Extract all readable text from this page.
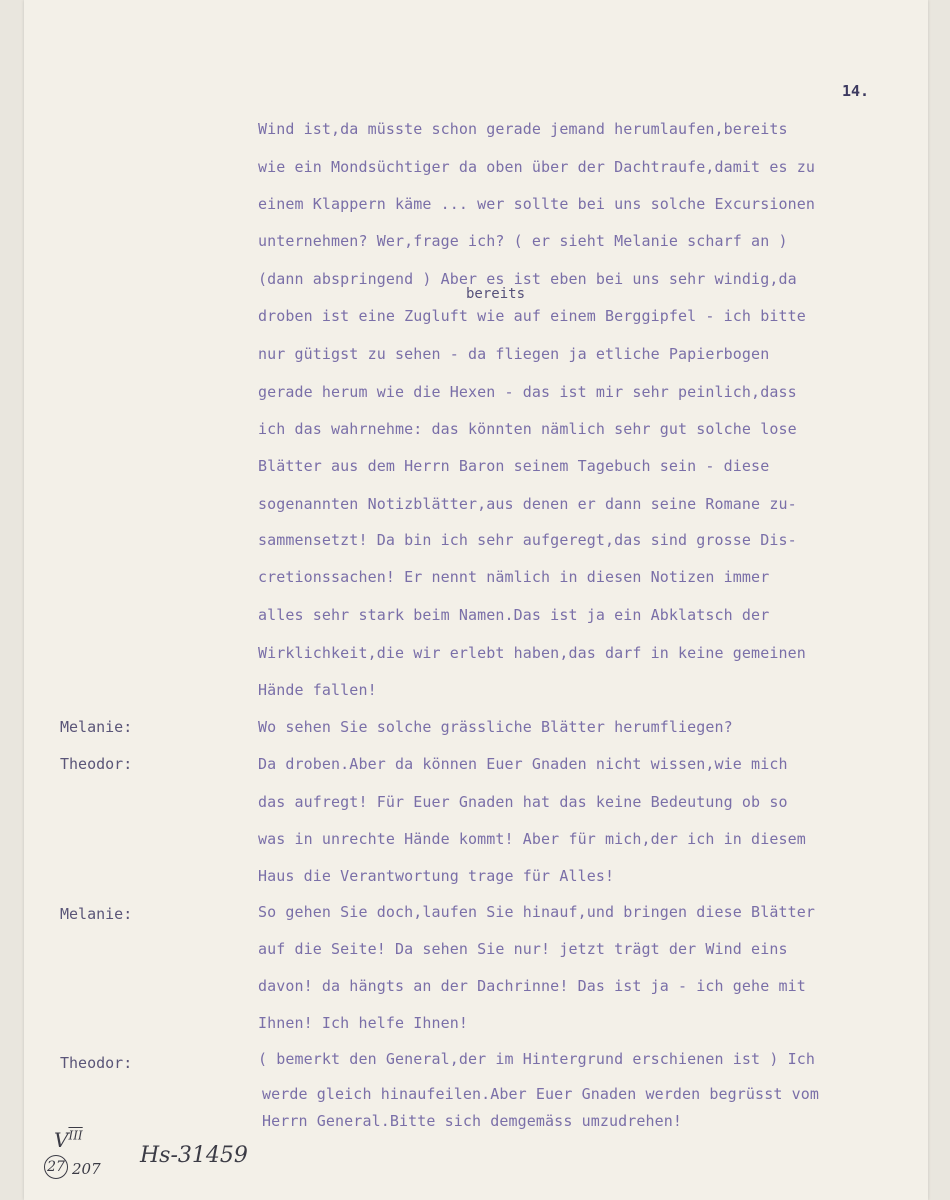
14.
Wind ist,da müsste schon gerade jemand herumlaufen,bereits
wie ein Mondsüchtiger da oben über der Dachtraufe,damit es zu
einem Klappern käme ... wer sollte bei uns solche Excursionen
unternehmen? Wer,frage ich? ( er sieht Melanie scharf an )
(dann abspringend ) Aber es ist eben bei uns sehr windig,da
droben ist eine Zugluft wie auf einem Berggipfel - ich bitte
nur gütigst zu sehen - da fliegen ja etliche Papierbogen
gerade herum wie die Hexen - das ist mir sehr peinlich,dass
ich das wahrnehme: das könnten nämlich sehr gut solche lose
Blätter aus dem Herrn Baron seinem Tagebuch sein - diese
sogenannten Notizblätter,aus denen er dann seine Romane zu-
sammensetzt! Da bin ich sehr aufgeregt,das sind grosse Dis-
cretionssachen! Er nennt nämlich in diesen Notizen immer
alles sehr stark beim Namen.Das ist ja ein Abklatsch der
Wirklichkeit,die wir erlebt haben,das darf in keine gemeinen
Hände fallen!
bereits
Melanie:	Wo sehen Sie solche grässliche Blätter herumfliegen?
Theodor:	Da droben.Aber da können Euer Gnaden nicht wissen,wie mich
das aufregt! Für Euer Gnaden hat das keine Bedeutung ob so
was in unrechte Hände kommt! Aber für mich,der ich in diesem
Haus die Verantwortung trage für Alles!
Melanie:	So gehen Sie doch,laufen Sie hinauf,und bringen diese Blätter
auf die Seite! Da sehen Sie nur! jetzt trägt der Wind eins
davon! da hängts an der Dachrinne! Das ist ja - ich gehe mit
Ihnen! Ich helfe Ihnen!
Theodor:	( bemerkt den General,der im Hintergrund erschienen ist ) Ich
werde gleich hinaufeilen.Aber Euer Gnaden werden begrüsst vom
Herrn General.Bitte sich demgemäss umzudrehen!
$V^{\overline{III}}$
27 207
Hs-31459
